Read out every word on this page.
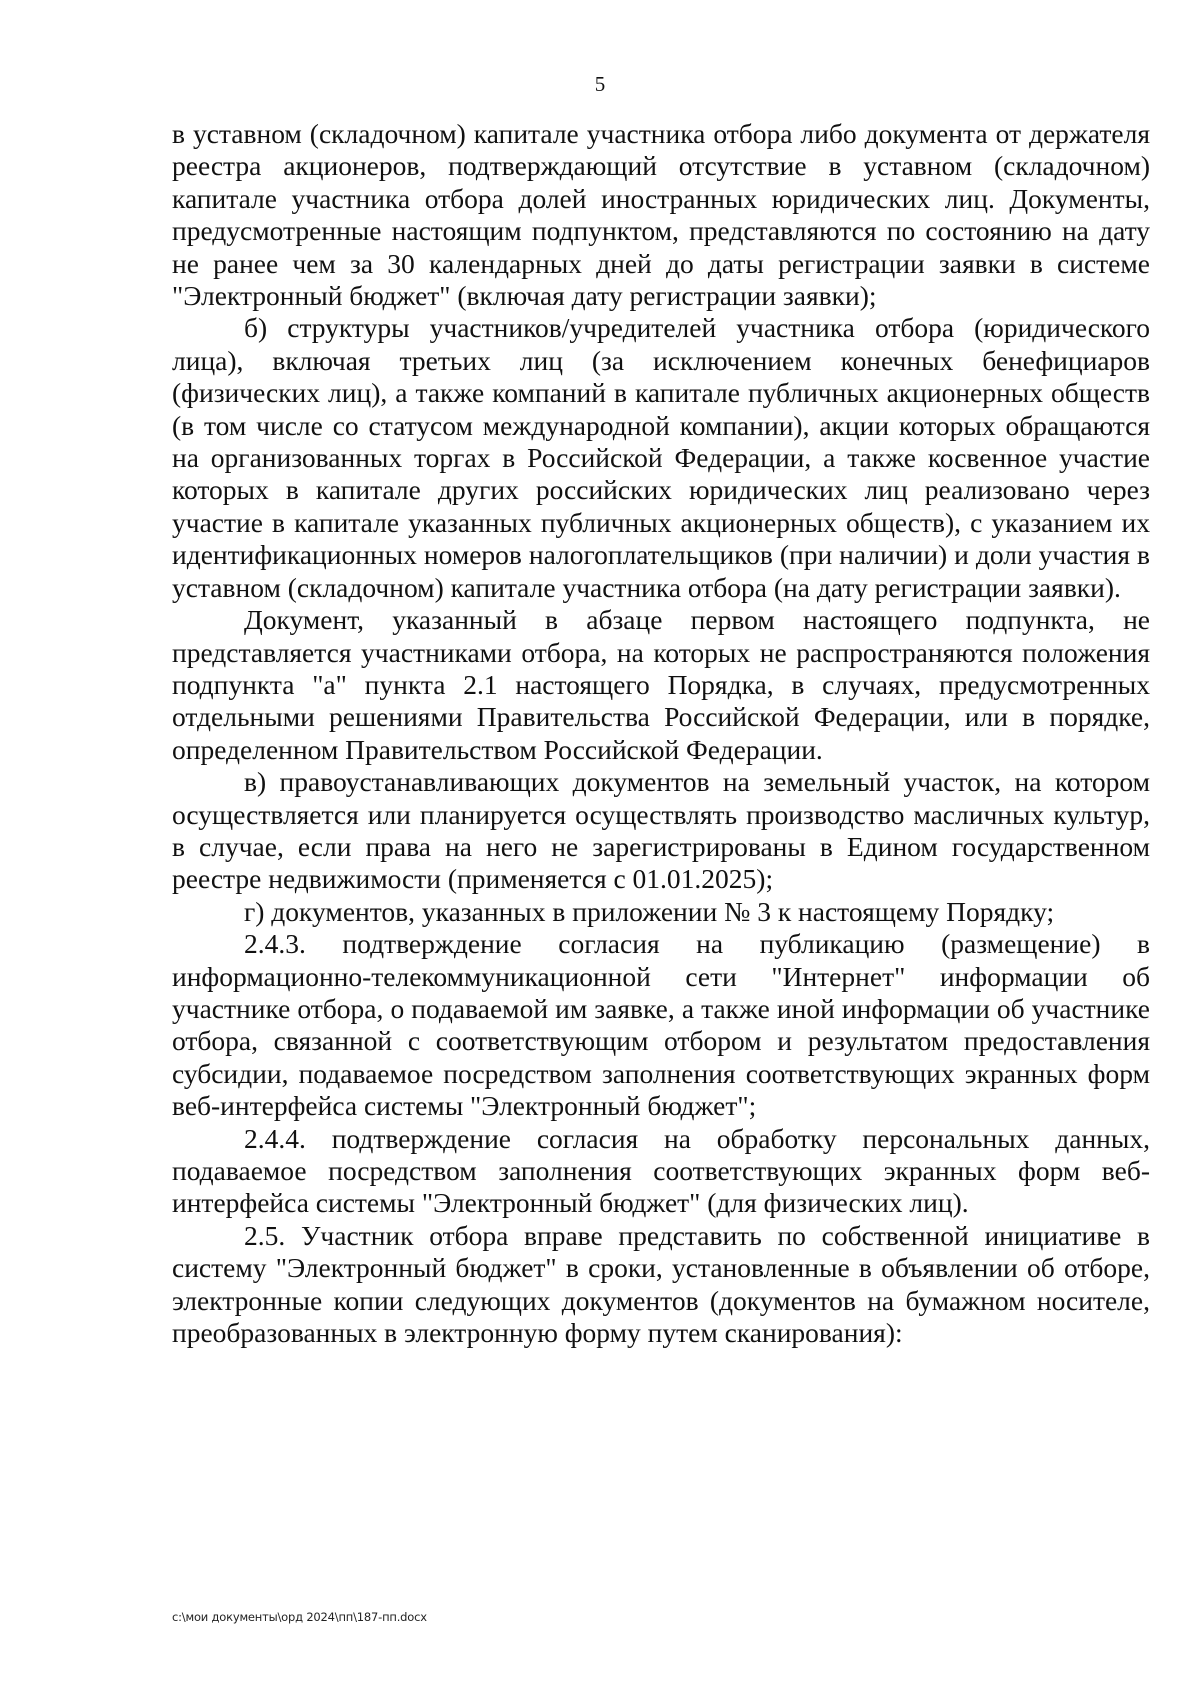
5

в уставном (складочном) капитале участника отбора либо документа от держателя реестра акционеров, подтверждающий отсутствие в уставном (складочном) капитале участника отбора долей иностранных юридических лиц. Документы, предусмотренные настоящим подпунктом, представляются по состоянию на дату не ранее чем за 30 календарных дней до даты регистрации заявки в системе "Электронный бюджет" (включая дату регистрации заявки);

б) структуры участников/учредителей участника отбора (юридического лица), включая третьих лиц (за исключением конечных бенефициаров (физических лиц), а также компаний в капитале публичных акционерных обществ (в том числе со статусом международной компании), акции которых обращаются на организованных торгах в Российской Федерации, а также косвенное участие которых в капитале других российских юридических лиц реализовано через участие в капитале указанных публичных акционерных обществ), с указанием их идентификационных номеров налогоплательщиков (при наличии) и доли участия в уставном (складочном) капитале участника отбора (на дату регистрации заявки).

Документ, указанный в абзаце первом настоящего подпункта, не представляется участниками отбора, на которых не распространяются положения подпункта "а" пункта 2.1 настоящего Порядка, в случаях, предусмотренных отдельными решениями Правительства Российской Федерации, или в порядке, определенном Правительством Российской Федерации.

в) правоустанавливающих документов на земельный участок, на котором осуществляется или планируется осуществлять производство масличных культур, в случае, если права на него не зарегистрированы в Едином государственном реестре недвижимости (применяется с 01.01.2025);

г) документов, указанных в приложении № 3 к настоящему Порядку;

2.4.3. подтверждение согласия на публикацию (размещение) в информационно-телекоммуникационной сети "Интернет" информации об участнике отбора, о подаваемой им заявке, а также иной информации об участнике отбора, связанной с соответствующим отбором и результатом предоставления субсидии, подаваемое посредством заполнения соответствующих экранных форм веб-интерфейса системы "Электронный бюджет";

2.4.4. подтверждение согласия на обработку персональных данных, подаваемое посредством заполнения соответствующих экранных форм веб-интерфейса системы "Электронный бюджет" (для физических лиц).

2.5. Участник отбора вправе представить по собственной инициативе в систему "Электронный бюджет" в сроки, установленные в объявлении об отборе, электронные копии следующих документов (документов на бумажном носителе, преобразованных в электронную форму путем сканирования):

c:\мои документы\орд 2024\пп\187-пп.docx
